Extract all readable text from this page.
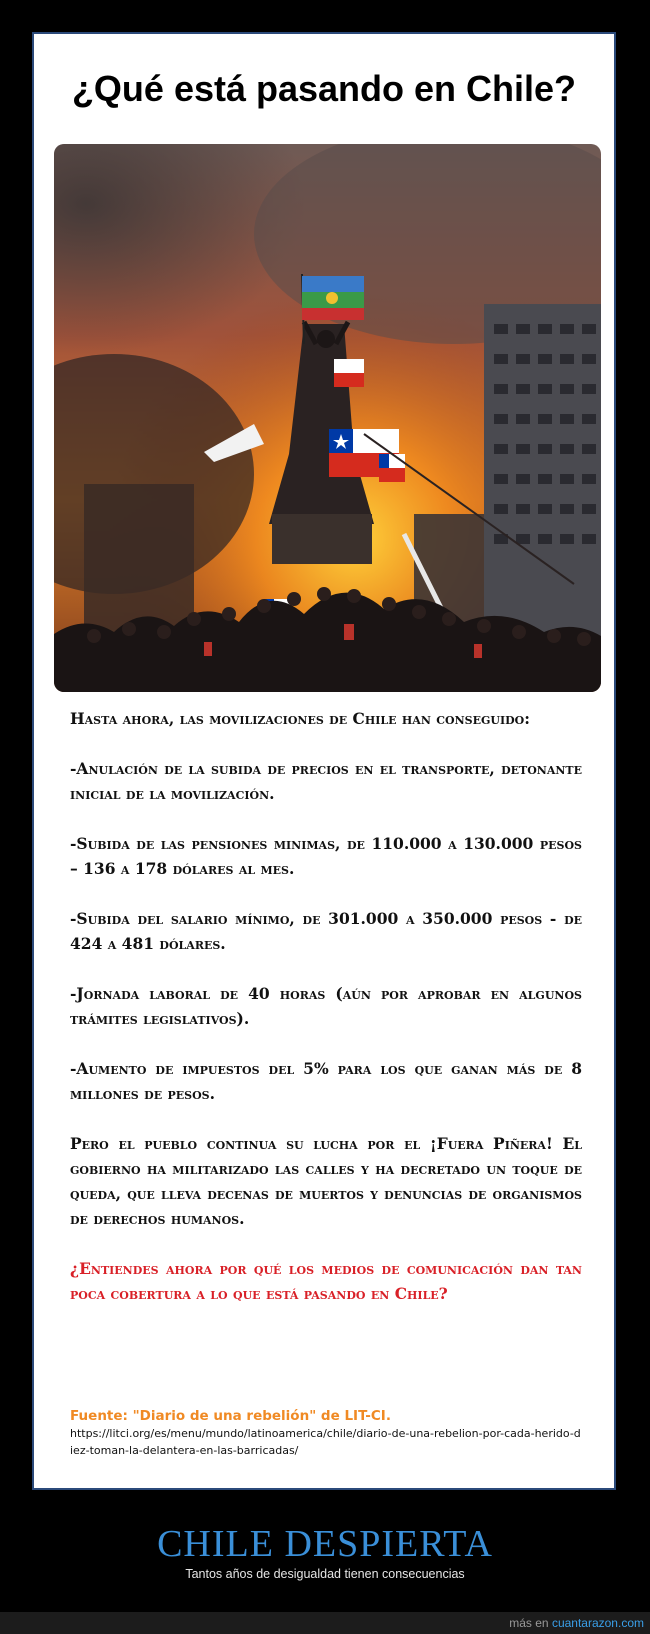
¿Qué está pasando en Chile?

Hasta ahora, las movilizaciones de Chile han conseguido:

-Anulación de la subida de precios en el transporte, detonante inicial de la movilización.

-Subida de las pensiones minimas, de 110.000 a 130.000 pesos – 136 a 178 dólares al mes.

-Subida del salario mínimo, de 301.000 a 350.000 pesos - de 424 a 481 dólares.

-Jornada laboral de 40 horas (aún por aprobar en algunos trámites legislativos).

-Aumento de impuestos del 5% para los que ganan más de 8 millones de pesos.

Pero el pueblo continua su lucha por el ¡Fuera Piñera! El gobierno ha militarizado las calles y ha decretado un toque de queda, que lleva decenas de muertos y denuncias de organismos de derechos humanos.

¿Entiendes ahora por qué los medios de comunicación dan tan poca cobertura a lo que está pasando en Chile?

Fuente: "Diario de una rebelión" de LIT-CI.
https://litci.org/es/menu/mundo/latinoamerica/chile/diario-de-una-rebelion-por-cada-herido-diez-toman-la-delantera-en-las-barricadas/
CHILE DESPIERTA
Tantos años de desigualdad tienen consecuencias
más en cuantarazon.com
